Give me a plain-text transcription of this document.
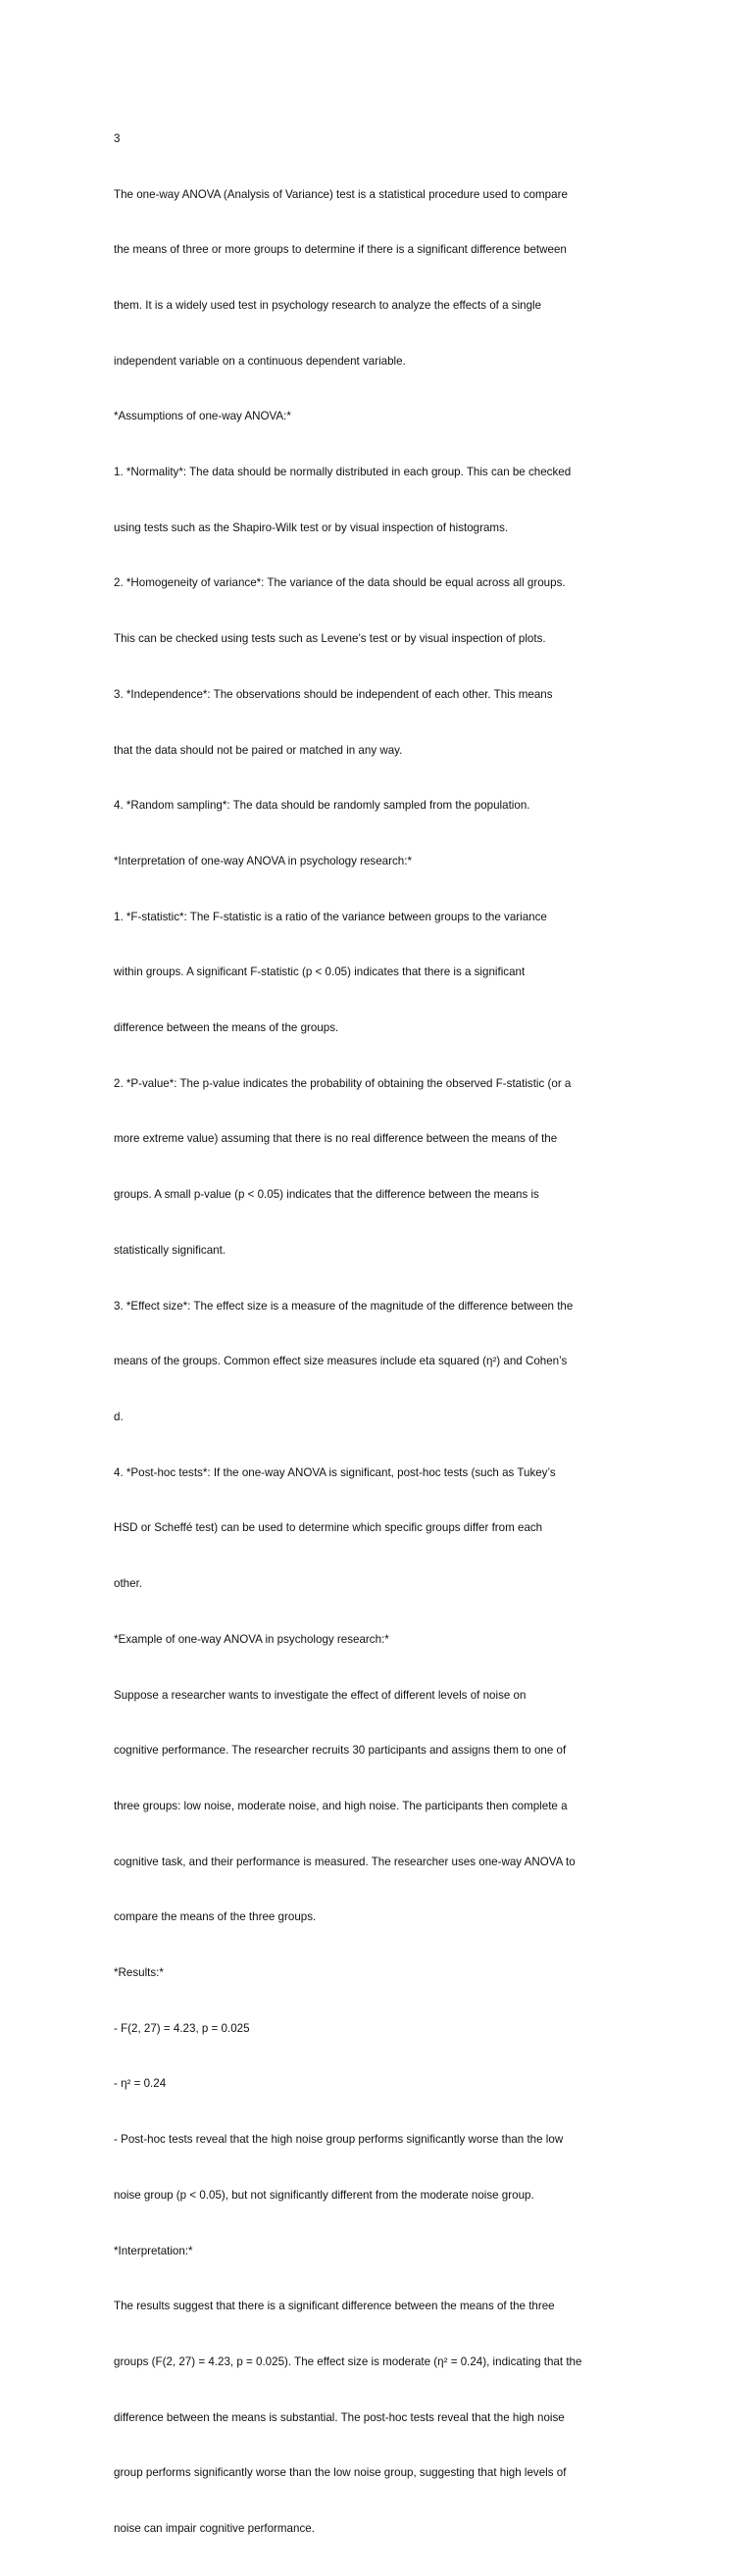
3

The one-way ANOVA (Analysis of Variance) test is a statistical procedure used to compare

the means of three or more groups to determine if there is a significant difference between

them. It is a widely used test in psychology research to analyze the effects of a single

independent variable on a continuous dependent variable.

*Assumptions of one-way ANOVA:*

1. *Normality*: The data should be normally distributed in each group. This can be checked

using tests such as the Shapiro-Wilk test or by visual inspection of histograms.

2. *Homogeneity of variance*: The variance of the data should be equal across all groups.

This can be checked using tests such as Levene’s test or by visual inspection of plots.

3. *Independence*: The observations should be independent of each other. This means

that the data should not be paired or matched in any way.

4. *Random sampling*: The data should be randomly sampled from the population.

*Interpretation of one-way ANOVA in psychology research:*

1. *F-statistic*: The F-statistic is a ratio of the variance between groups to the variance

within groups. A significant F-statistic (p < 0.05) indicates that there is a significant

difference between the means of the groups.

2. *P-value*: The p-value indicates the probability of obtaining the observed F-statistic (or a

more extreme value) assuming that there is no real difference between the means of the

groups. A small p-value (p < 0.05) indicates that the difference between the means is

statistically significant.

3. *Effect size*: The effect size is a measure of the magnitude of the difference between the

means of the groups. Common effect size measures include eta squared (η²) and Cohen’s

d.

4. *Post-hoc tests*: If the one-way ANOVA is significant, post-hoc tests (such as Tukey’s

HSD or Scheffé test) can be used to determine which specific groups differ from each

other.

*Example of one-way ANOVA in psychology research:*

Suppose a researcher wants to investigate the effect of different levels of noise on

cognitive performance. The researcher recruits 30 participants and assigns them to one of

three groups: low noise, moderate noise, and high noise. The participants then complete a

cognitive task, and their performance is measured. The researcher uses one-way ANOVA to

compare the means of the three groups.

*Results:*

- F(2, 27) = 4.23, p = 0.025

- η² = 0.24

- Post-hoc tests reveal that the high noise group performs significantly worse than the low

noise group (p < 0.05), but not significantly different from the moderate noise group.

*Interpretation:*

The results suggest that there is a significant difference between the means of the three

groups (F(2, 27) = 4.23, p = 0.025). The effect size is moderate (η² = 0.24), indicating that the

difference between the means is substantial. The post-hoc tests reveal that the high noise

group performs significantly worse than the low noise group, suggesting that high levels of

noise can impair cognitive performance.
